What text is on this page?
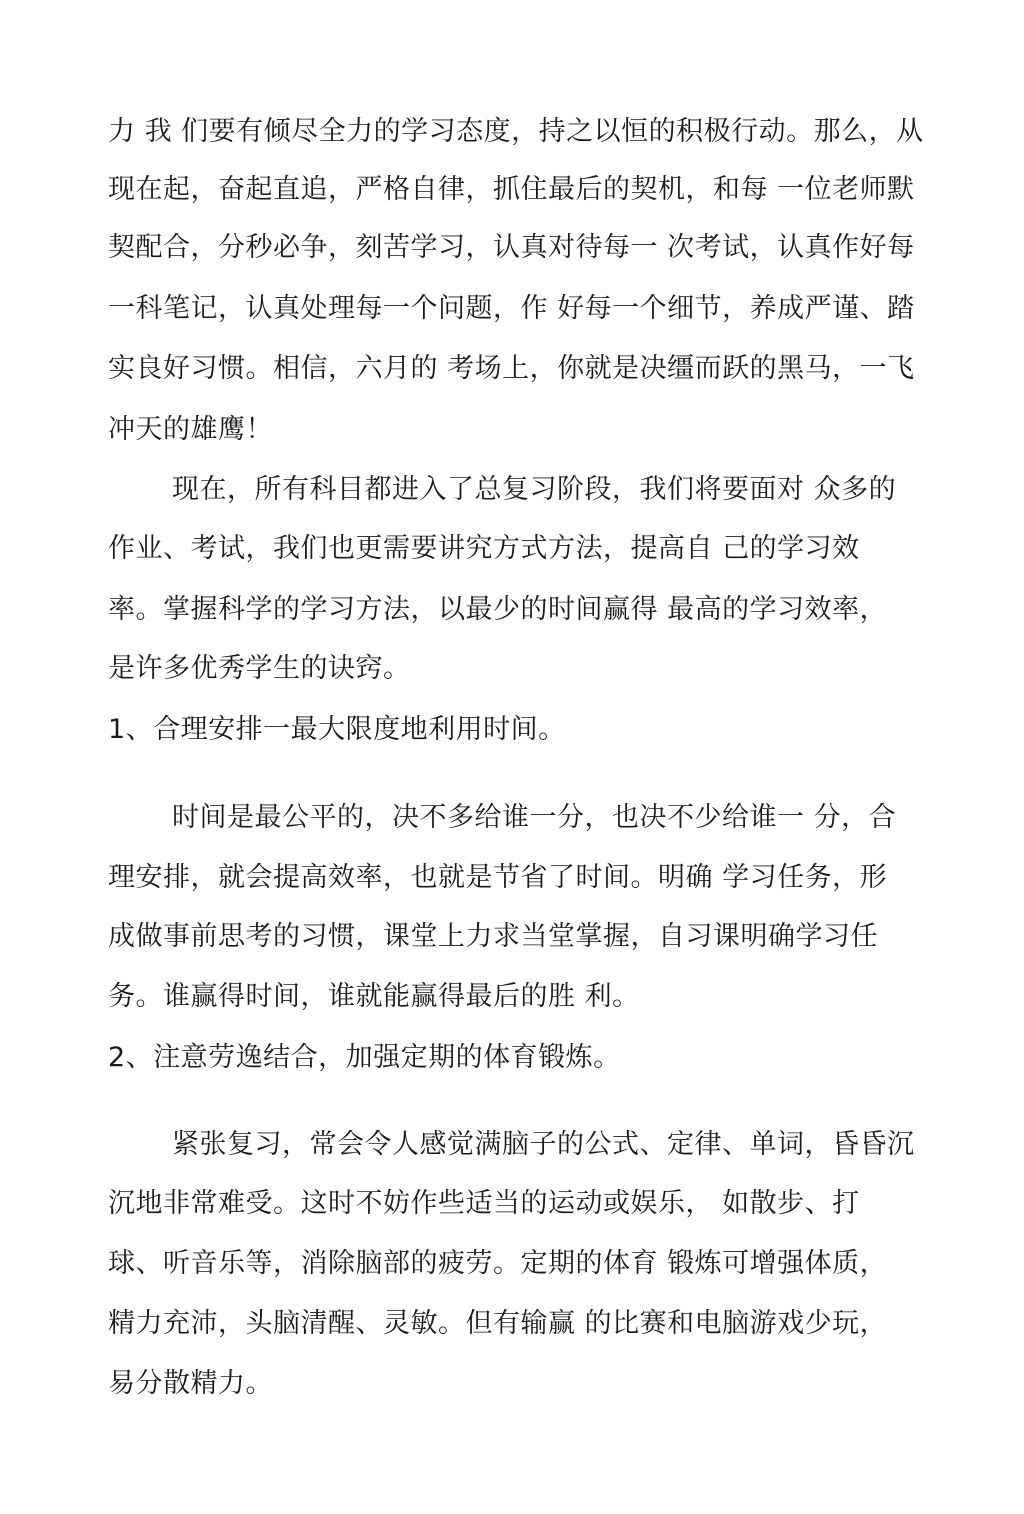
力 我 们要有倾尽全力的学习态度，持之以恒的积极行动。那么，从
现在起，奋起直追，严格自律，抓住最后的契机，和每 一位老师默
契配合，分秒必争，刻苦学习，认真对待每一 次考试，认真作好每
一科笔记，认真处理每一个问题，作 好每一个细节，养成严谨、踏
实良好习惯。相信，六月的 考场上，你就是决缰而跃的黑马，一飞
冲天的雄鹰！
现在，所有科目都进入了总复习阶段，我们将要面对 众多的
作业、考试，我们也更需要讲究方式方法，提高自 己的学习效
率。掌握科学的学习方法，以最少的时间赢得 最高的学习效率，
是许多优秀学生的诀窍。
1、合理安排一最大限度地利用时间。
时间是最公平的，决不多给谁一分，也决不少给谁一 分，合
理安排，就会提高效率，也就是节省了时间。明确 学习任务，形
成做事前思考的习惯，课堂上力求当堂掌握，自习课明确学习任
务。谁赢得时间，谁就能赢得最后的胜 利。
2、注意劳逸结合，加强定期的体育锻炼。
紧张复习，常会令人感觉满脑子的公式、定律、单词，昏昏沉
沉地非常难受。这时不妨作些适当的运动或娱乐， 如散步、打
球、听音乐等，消除脑部的疲劳。定期的体育 锻炼可增强体质，
精力充沛，头脑清醒、灵敏。但有输赢 的比赛和电脑游戏少玩，
易分散精力。
